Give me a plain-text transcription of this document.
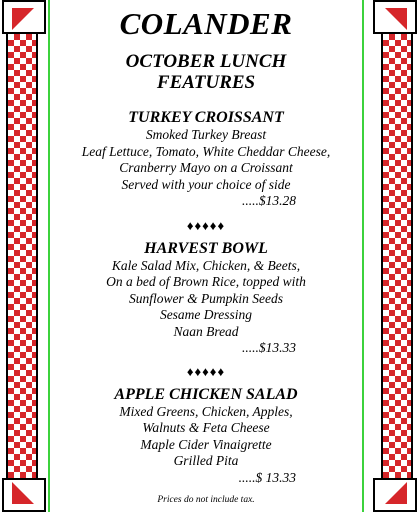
COLANDER
OCTOBER LUNCH
FEATURES
TURKEY CROISSANT
Smoked Turkey Breast
Leaf Lettuce, Tomato, White Cheddar Cheese,
Cranberry Mayo on a Croissant
Served with your choice of side
.....$13.28
♦♦♦♦♦
HARVEST BOWL
Kale Salad Mix, Chicken, & Beets,
On a bed of Brown Rice, topped with
Sunflower & Pumpkin Seeds
Sesame Dressing
Naan Bread
.....$13.33
♦♦♦♦♦
APPLE CHICKEN SALAD
Mixed Greens, Chicken, Apples,
Walnuts & Feta Cheese
Maple Cider Vinaigrette
Grilled Pita
.....$ 13.33
Prices do not include tax.
